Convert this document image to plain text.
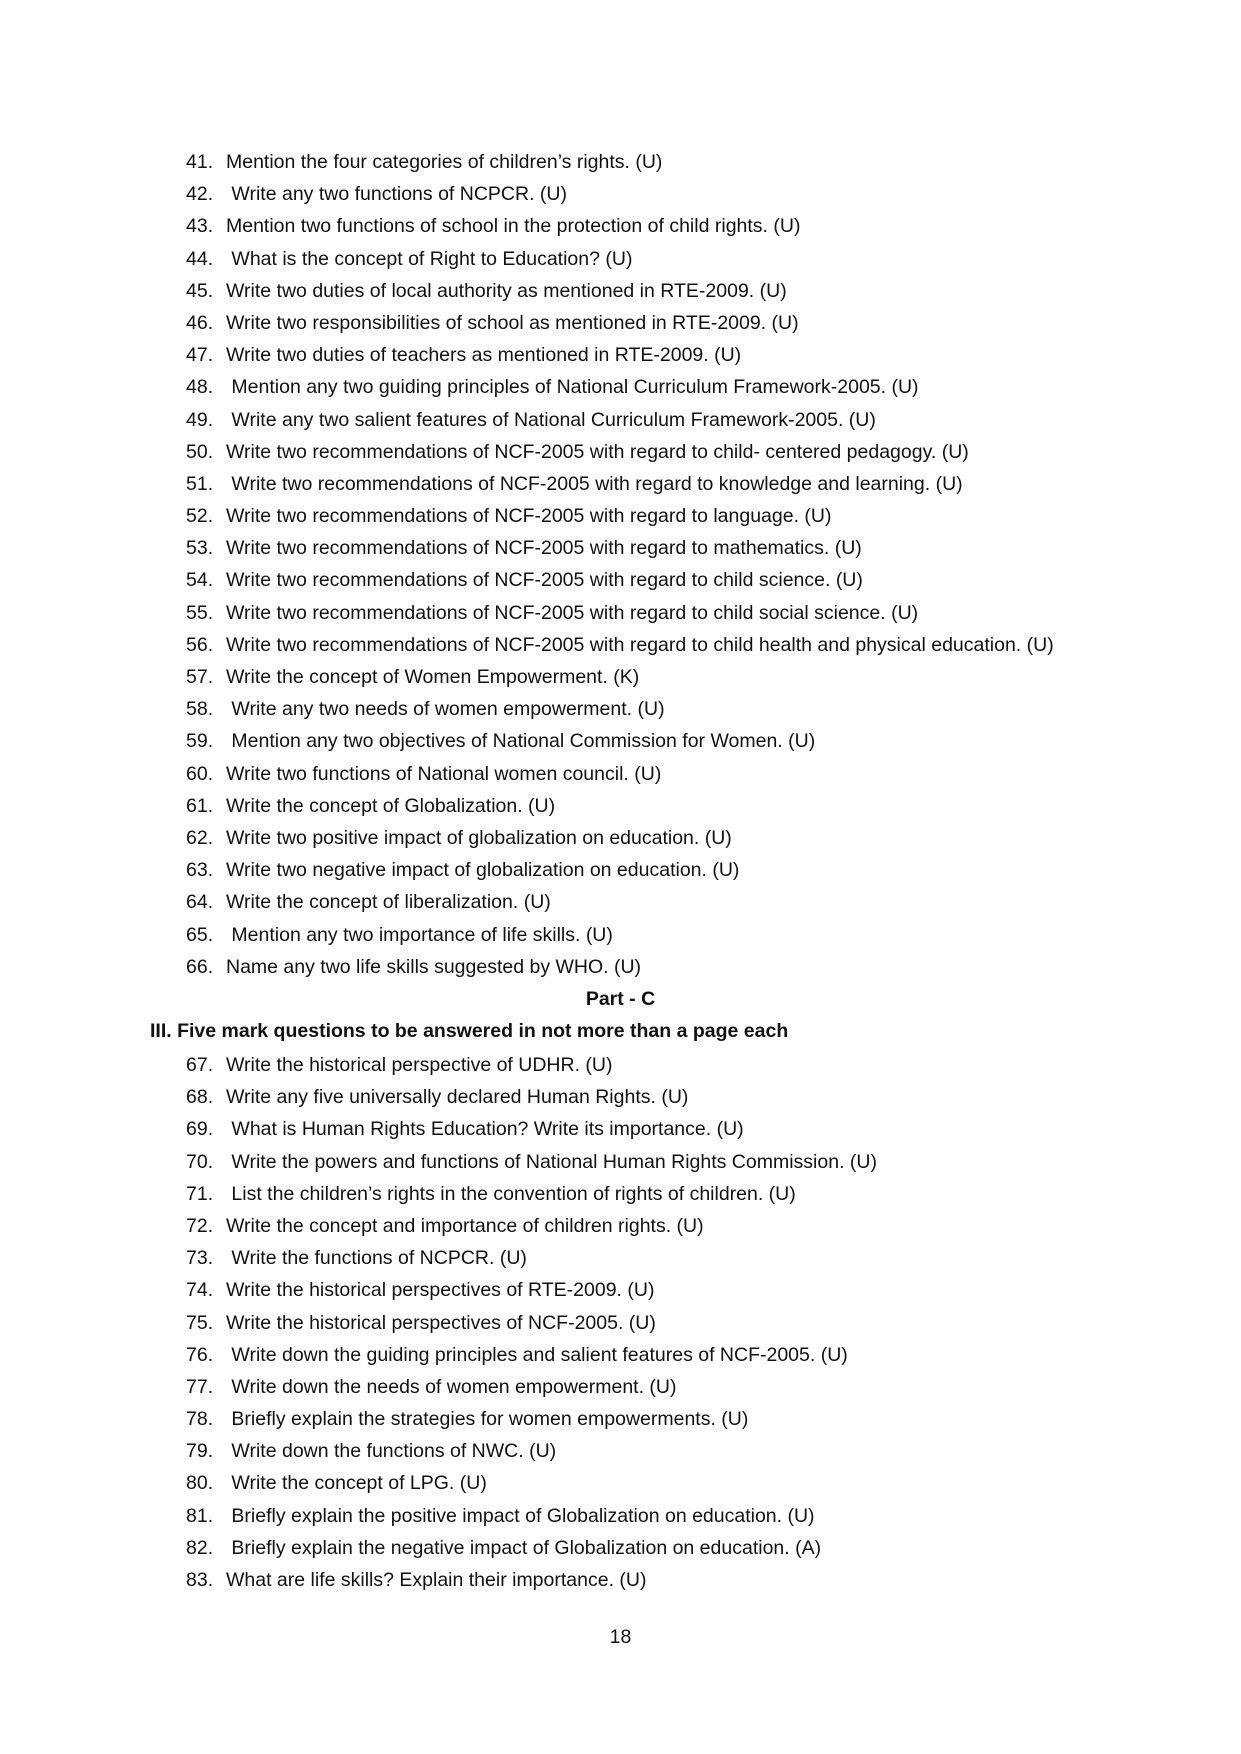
41. Mention the four categories of children’s rights. (U)
42. Write any two functions of NCPCR. (U)
43. Mention two functions of school in the protection of child rights. (U)
44. What is the concept of Right to Education? (U)
45. Write two duties of local authority as mentioned in RTE-2009. (U)
46. Write two responsibilities of school as mentioned in RTE-2009. (U)
47. Write two duties of teachers as mentioned in RTE-2009. (U)
48. Mention any two guiding principles of National Curriculum Framework-2005. (U)
49. Write any two salient features of National Curriculum Framework-2005. (U)
50. Write two recommendations of NCF-2005 with regard to child- centered pedagogy. (U)
51. Write two recommendations of NCF-2005 with regard to knowledge and learning. (U)
52. Write two recommendations of NCF-2005 with regard to language. (U)
53. Write two recommendations of NCF-2005 with regard to mathematics. (U)
54. Write two recommendations of NCF-2005 with regard to child science. (U)
55. Write two recommendations of NCF-2005 with regard to child social science. (U)
56. Write two recommendations of NCF-2005 with regard to child health and physical education. (U)
57. Write the concept of Women Empowerment. (K)
58. Write any two needs of women empowerment. (U)
59. Mention any two objectives of National Commission for Women. (U)
60. Write two functions of National women council. (U)
61. Write the concept of Globalization. (U)
62. Write two positive impact of globalization on education. (U)
63. Write two negative impact of globalization on education. (U)
64. Write the concept of liberalization. (U)
65. Mention any two importance of life skills. (U)
66. Name any two life skills suggested by WHO. (U)
Part - C
III. Five mark questions to be answered in not more than a page each
67. Write the historical perspective of UDHR. (U)
68. Write any five universally declared Human Rights. (U)
69. What is Human Rights Education? Write its importance. (U)
70. Write the powers and functions of National Human Rights Commission. (U)
71. List the children’s rights in the convention of rights of children. (U)
72. Write the concept and importance of children rights. (U)
73. Write the functions of NCPCR. (U)
74. Write the historical perspectives of RTE-2009. (U)
75. Write the historical perspectives of NCF-2005. (U)
76. Write down the guiding principles and salient features of NCF-2005. (U)
77. Write down the needs of women empowerment. (U)
78. Briefly explain the strategies for women empowerments. (U)
79. Write down the functions of NWC. (U)
80. Write the concept of LPG. (U)
81. Briefly explain the positive impact of Globalization on education. (U)
82. Briefly explain the negative impact of Globalization on education. (A)
83. What are life skills? Explain their importance. (U)
18
